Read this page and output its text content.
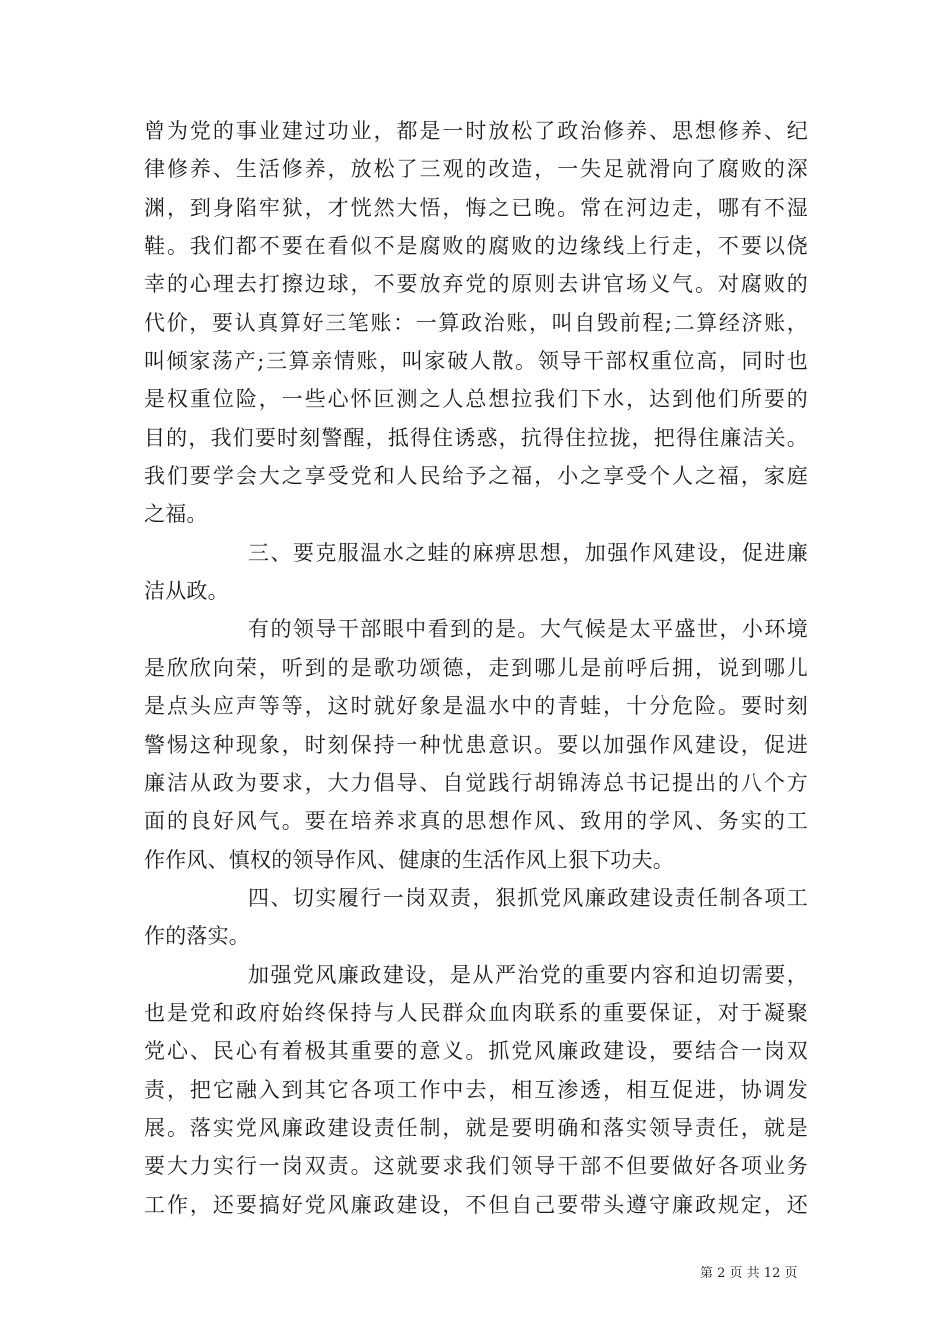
曾为党的事业建过功业，都是一时放松了政治修养、思想修养、纪
律修养、生活修养，放松了三观的改造，一失足就滑向了腐败的深
渊，到身陷牢狱，才恍然大悟，悔之已晚。常在河边走，哪有不湿
鞋。我们都不要在看似不是腐败的腐败的边缘线上行走，不要以侥
幸的心理去打擦边球，不要放弃党的原则去讲官场义气。对腐败的
代价，要认真算好三笔账：一算政治账，叫自毁前程;二算经济账，
叫倾家荡产;三算亲情账，叫家破人散。领导干部权重位高，同时也
是权重位险，一些心怀叵测之人总想拉我们下水，达到他们所要的
目的，我们要时刻警醒，抵得住诱惑，抗得住拉拢，把得住廉洁关。
我们要学会大之享受党和人民给予之福，小之享受个人之福，家庭
之福。
三、要克服温水之蛙的麻痹思想，加强作风建设，促进廉
洁从政。
有的领导干部眼中看到的是。大气候是太平盛世，小环境
是欣欣向荣，听到的是歌功颂德，走到哪儿是前呼后拥，说到哪儿
是点头应声等等，这时就好象是温水中的青蛙，十分危险。要时刻
警惕这种现象，时刻保持一种忧患意识。要以加强作风建设，促进
廉洁从政为要求，大力倡导、自觉践行胡锦涛总书记提出的八个方
面的良好风气。要在培养求真的思想作风、致用的学风、务实的工
作作风、慎权的领导作风、健康的生活作风上狠下功夫。
四、切实履行一岗双责，狠抓党风廉政建设责任制各项工
作的落实。
加强党风廉政建设，是从严治党的重要内容和迫切需要，
也是党和政府始终保持与人民群众血肉联系的重要保证，对于凝聚
党心、民心有着极其重要的意义。抓党风廉政建设，要结合一岗双
责，把它融入到其它各项工作中去，相互渗透，相互促进，协调发
展。落实党风廉政建设责任制，就是要明确和落实领导责任，就是
要大力实行一岗双责。这就要求我们领导干部不但要做好各项业务
工作，还要搞好党风廉政建设，不但自己要带头遵守廉政规定，还
第 2 页 共 12 页
